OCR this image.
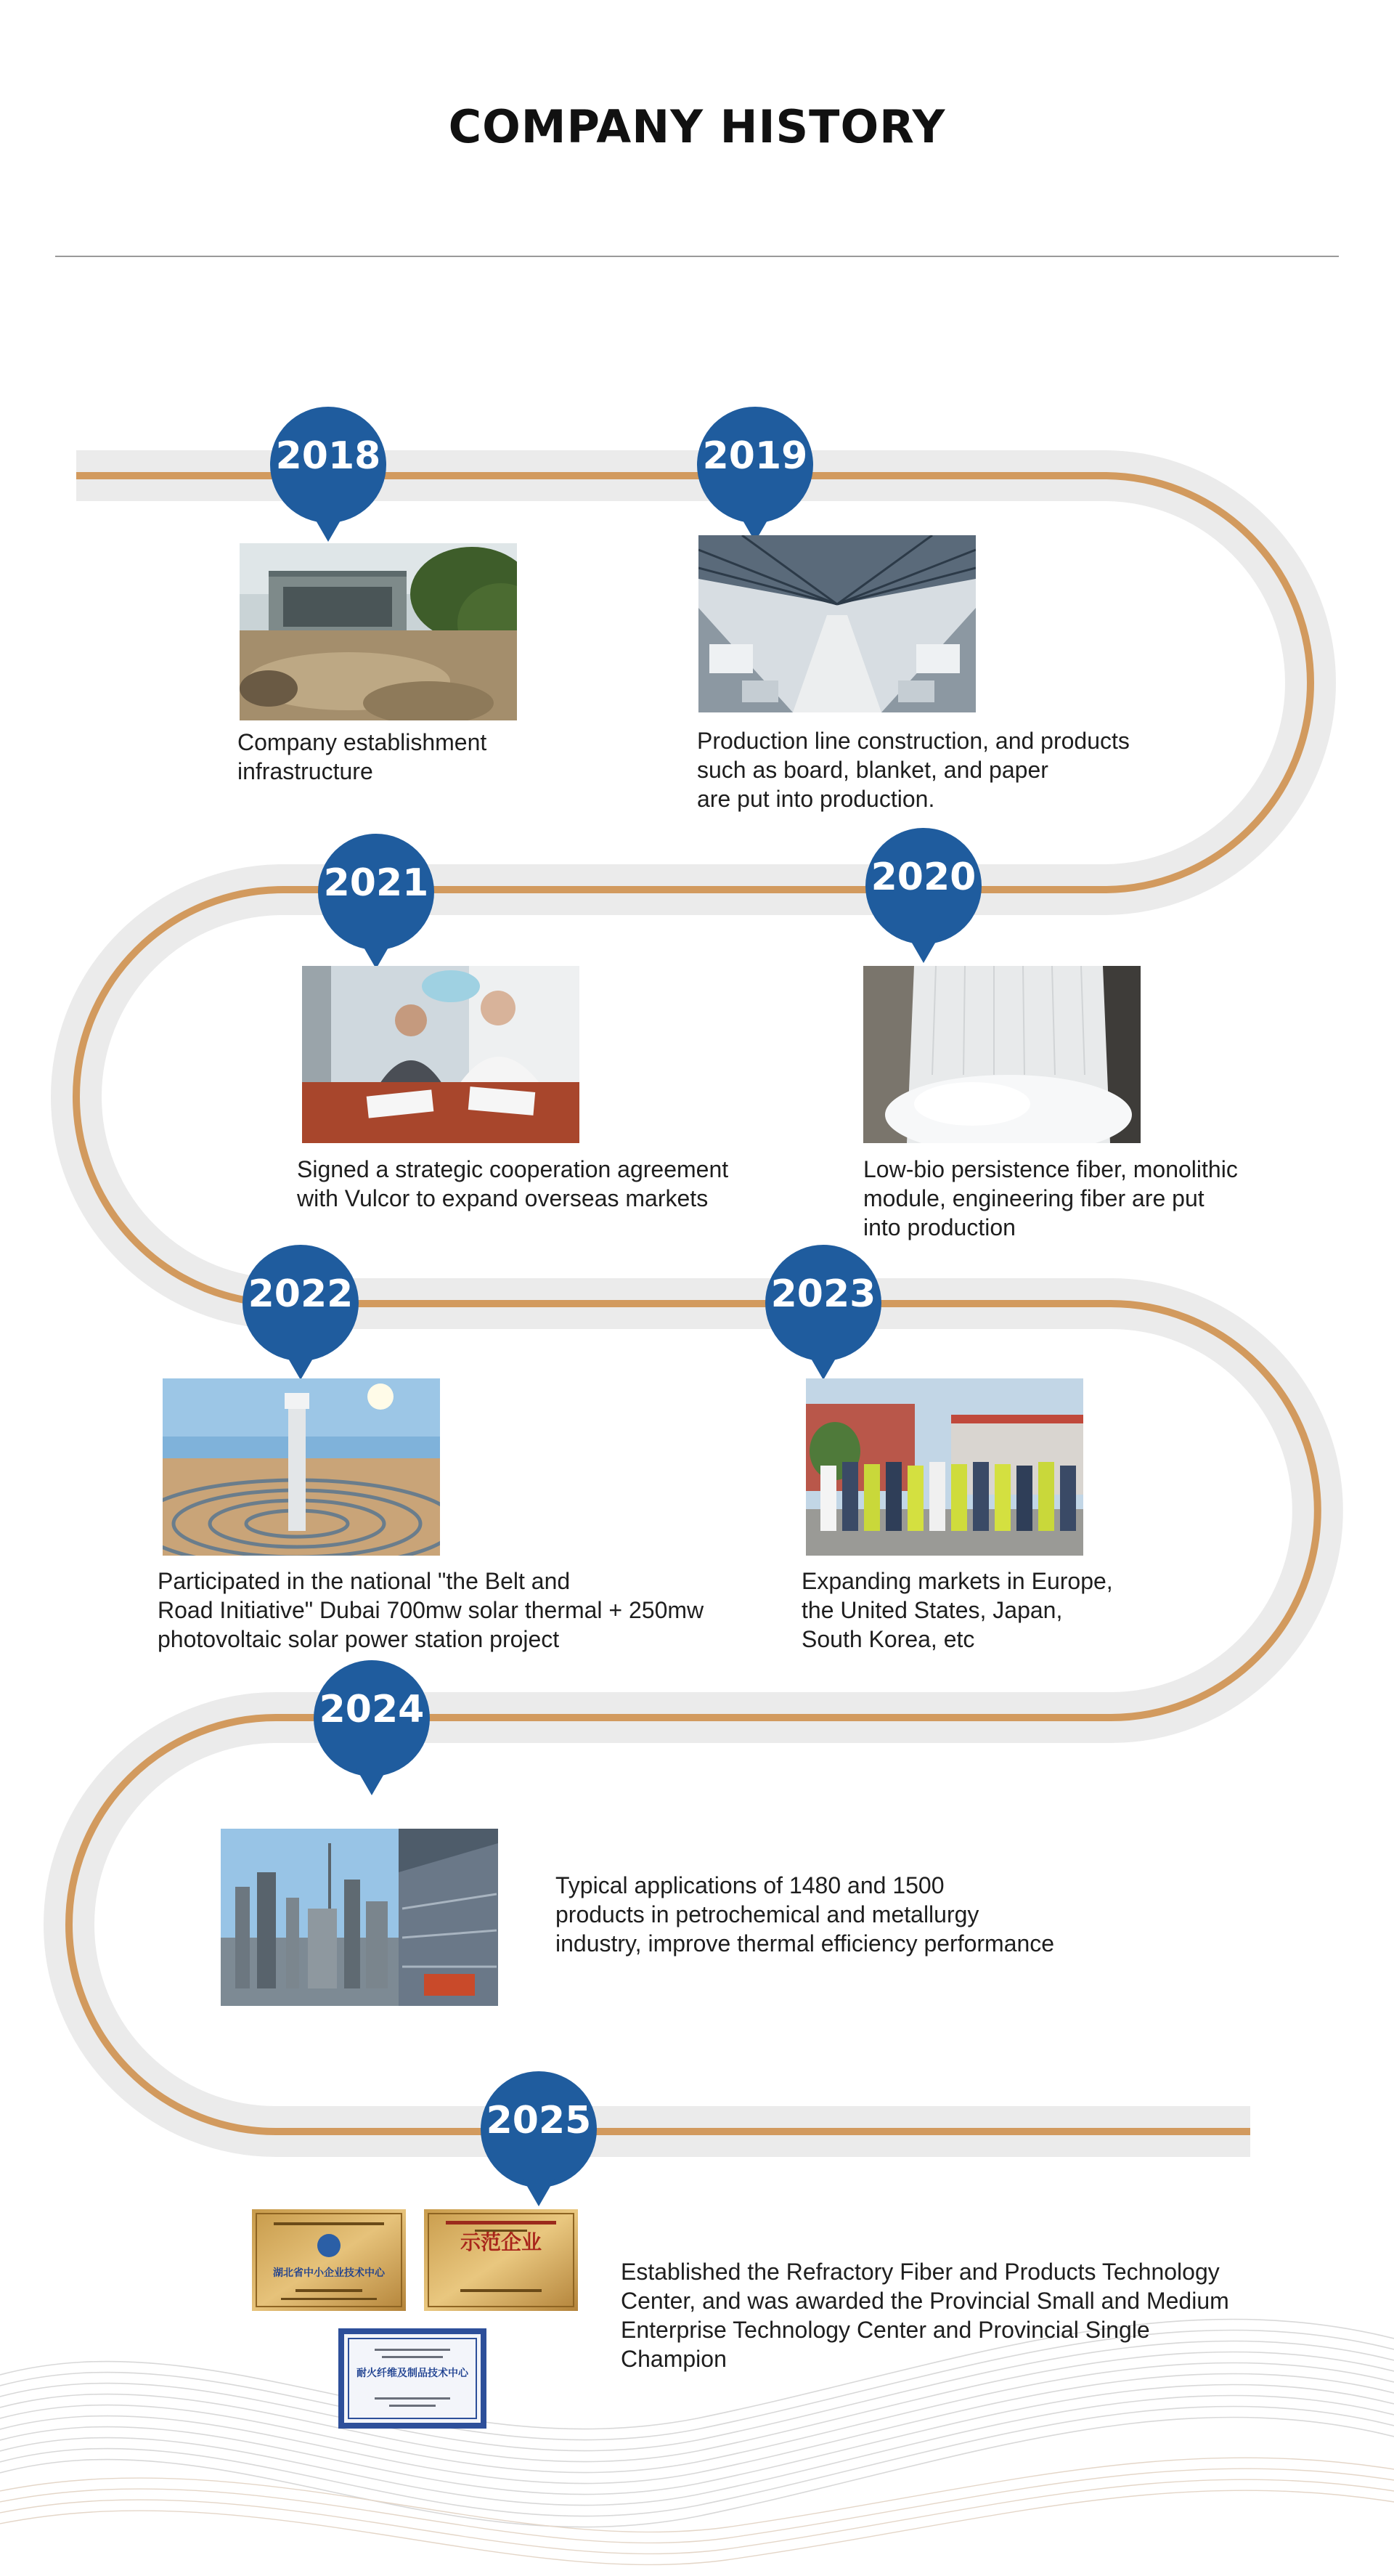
COMPANY HISTORY
2018	2019
2020
2021
2022	2023
2024
2025
湖北省中小企业技术中心
示范企业
耐火纤维及制品技术中心
Company establishment
infrastructure
Production line construction, and products
such as board, blanket, and paper
are put into production.
Low-bio persistence fiber, monolithic
module, engineering fiber are put
into production
Signed a strategic cooperation agreement
with Vulcor to expand overseas markets
Participated in the national "the Belt and
Road Initiative" Dubai 700mw solar thermal + 250mw
photovoltaic solar power station project
Expanding markets in Europe,
the United States, Japan,
South Korea, etc
Typical applications of 1480 and 1500
products in petrochemical and metallurgy
industry, improve thermal efficiency performance
Established the Refractory Fiber and Products Technology
Center, and was awarded the Provincial Small and Medium
Enterprise Technology Center and Provincial Single
Champion
